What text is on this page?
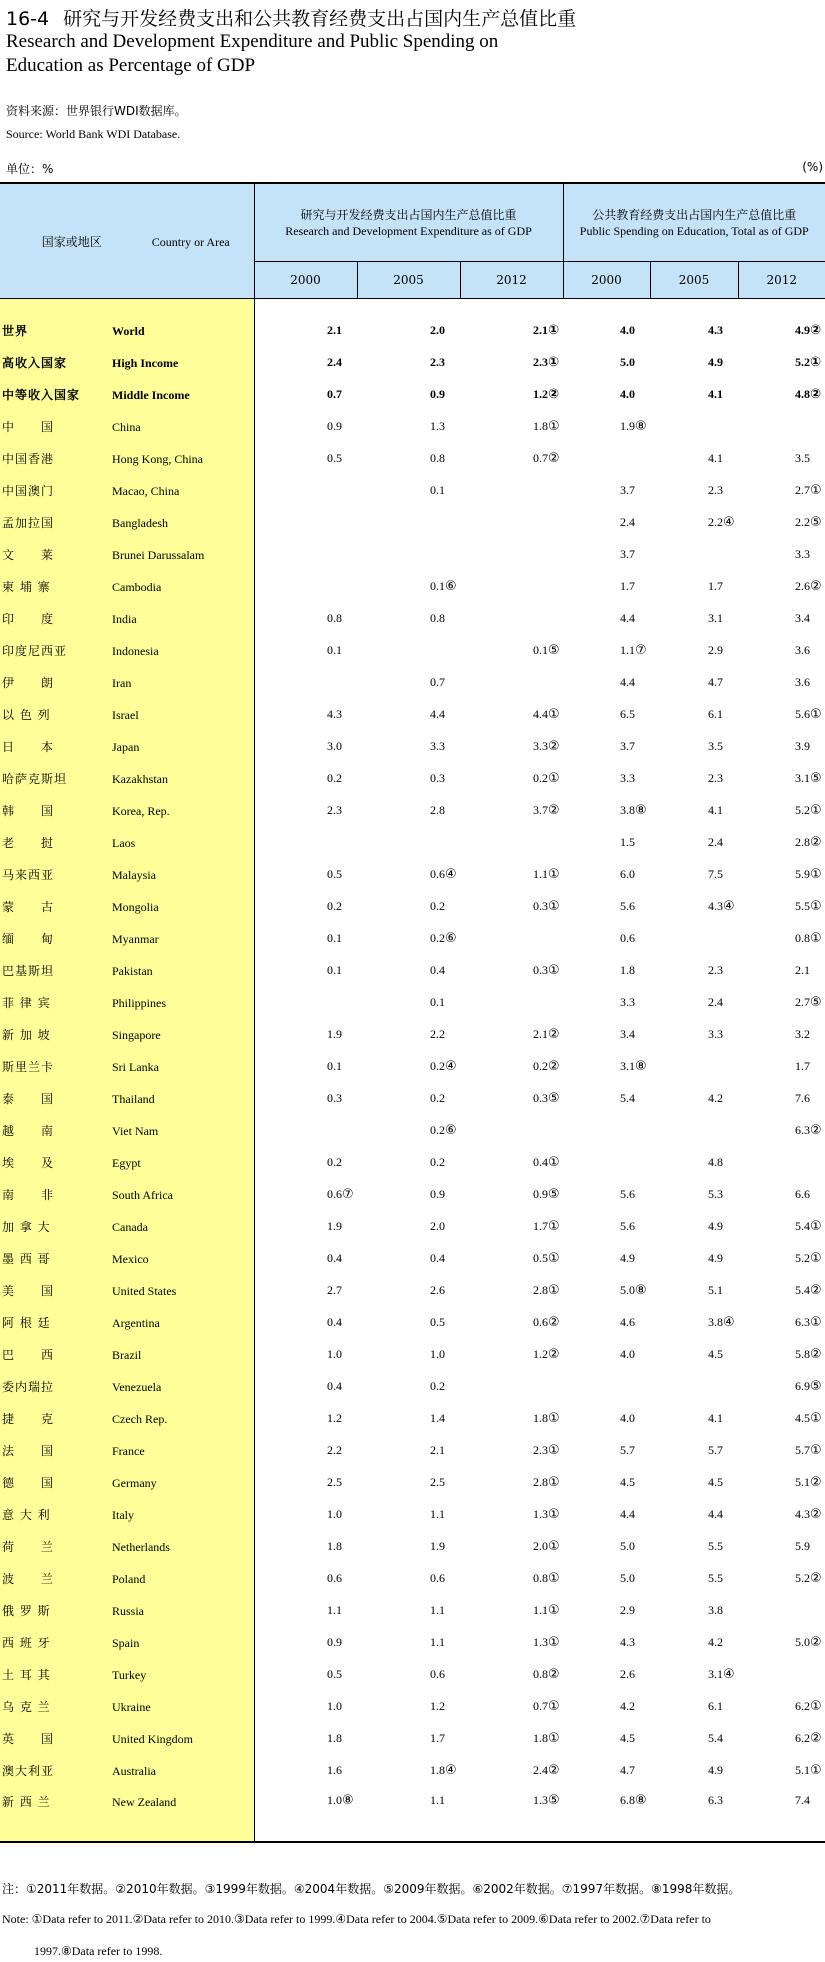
16-4 研究与开发经费支出和公共教育经费支出占国内生产总值比重
Research and Development Expenditure and Public Spending on
Education as Percentage of GDP
资料来源：世界银行WDI数据库。
Source: World Bank WDI Database.
单位：%	(%)
国家或地区 Country or Area	研究与开发经费支出占国内生产总值比重
Research and Development Expenditure as of GDP			公共教育经费支出占国内生产总值比重
Public Spending on Education, Total as of GDP		

	2000	2005	2012	2000	2005	2012

世界 World	2.1	2.0	2.1①	4.0	4.3	4.9②
高收入国家 High Income	2.4	2.3	2.3①	5.0	4.9	5.2①
中等收入国家 Middle Income	0.7	0.9	1.2②	4.0	4.1	4.8②
中　　国 China	0.9	1.3	1.8①	1.9⑧		
中国香港 Hong Kong, China	0.5	0.8	0.7②		4.1	3.5
中国澳门 Macao, China		0.1		3.7	2.3	2.7①
孟加拉国 Bangladesh				2.4	2.2④	2.2⑤
文　　莱 Brunei Darussalam				3.7		3.3
柬 埔 寨 Cambodia		0.1⑥		1.7	1.7	2.6②
印　　度 India	0.8	0.8		4.4	3.1	3.4
印度尼西亚 Indonesia	0.1		0.1⑤	1.1⑦	2.9	3.6
伊　　朗 Iran		0.7		4.4	4.7	3.6
以 色 列 Israel	4.3	4.4	4.4①	6.5	6.1	5.6①
日　　本 Japan	3.0	3.3	3.3②	3.7	3.5	3.9
哈萨克斯坦 Kazakhstan	0.2	0.3	0.2①	3.3	2.3	3.1⑤
韩　　国 Korea, Rep.	2.3	2.8	3.7②	3.8⑧	4.1	5.2①
老　　挝 Laos				1.5	2.4	2.8②
马来西亚 Malaysia	0.5	0.6④	1.1①	6.0	7.5	5.9①
蒙　　古 Mongolia	0.2	0.2	0.3①	5.6	4.3④	5.5①
缅　　甸 Myanmar	0.1	0.2⑥		0.6		0.8①
巴基斯坦 Pakistan	0.1	0.4	0.3①	1.8	2.3	2.1
菲 律 宾 Philippines		0.1		3.3	2.4	2.7⑤
新 加 坡 Singapore	1.9	2.2	2.1②	3.4	3.3	3.2
斯里兰卡 Sri Lanka	0.1	0.2④	0.2②	3.1⑧		1.7
泰　　国 Thailand	0.3	0.2	0.3⑤	5.4	4.2	7.6
越　　南 Viet Nam		0.2⑥				6.3②
埃　　及 Egypt	0.2	0.2	0.4①		4.8	
南　　非 South Africa	0.6⑦	0.9	0.9⑤	5.6	5.3	6.6
加 拿 大 Canada	1.9	2.0	1.7①	5.6	4.9	5.4①
墨 西 哥 Mexico	0.4	0.4	0.5①	4.9	4.9	5.2①
美　　国 United States	2.7	2.6	2.8①	5.0⑧	5.1	5.4②
阿 根 廷 Argentina	0.4	0.5	0.6②	4.6	3.8④	6.3①
巴　　西 Brazil	1.0	1.0	1.2②	4.0	4.5	5.8②
委内瑞拉 Venezuela	0.4	0.2				6.9⑤
捷　　克 Czech Rep.	1.2	1.4	1.8①	4.0	4.1	4.5①
法　　国 France	2.2	2.1	2.3①	5.7	5.7	5.7①
德　　国 Germany	2.5	2.5	2.8①	4.5	4.5	5.1②
意 大 利 Italy	1.0	1.1	1.3①	4.4	4.4	4.3②
荷　　兰 Netherlands	1.8	1.9	2.0①	5.0	5.5	5.9
波　　兰 Poland	0.6	0.6	0.8①	5.0	5.5	5.2②
俄 罗 斯 Russia	1.1	1.1	1.1①	2.9	3.8	
西 班 牙 Spain	0.9	1.1	1.3①	4.3	4.2	5.0②
土 耳 其 Turkey	0.5	0.6	0.8②	2.6	3.1④	
乌 克 兰 Ukraine	1.0	1.2	0.7①	4.2	6.1	6.2①
英　　国 United Kingdom	1.8	1.7	1.8①	4.5	5.4	6.2②
澳大利亚 Australia	1.6	1.8④	2.4②	4.7	4.9	5.1①
新 西 兰 New Zealand	1.0⑧	1.1	1.3⑤	6.8⑧	6.3	7.4
注：①2011年数据。②2010年数据。③1999年数据。④2004年数据。⑤2009年数据。⑥2002年数据。⑦1997年数据。⑧1998年数据。
Note: ①Data refer to 2011.②Data refer to 2010.③Data refer to 1999.④Data refer to 2004.⑤Data refer to 2009.⑥Data refer to 2002.⑦Data refer to
1997.⑧Data refer to 1998.
